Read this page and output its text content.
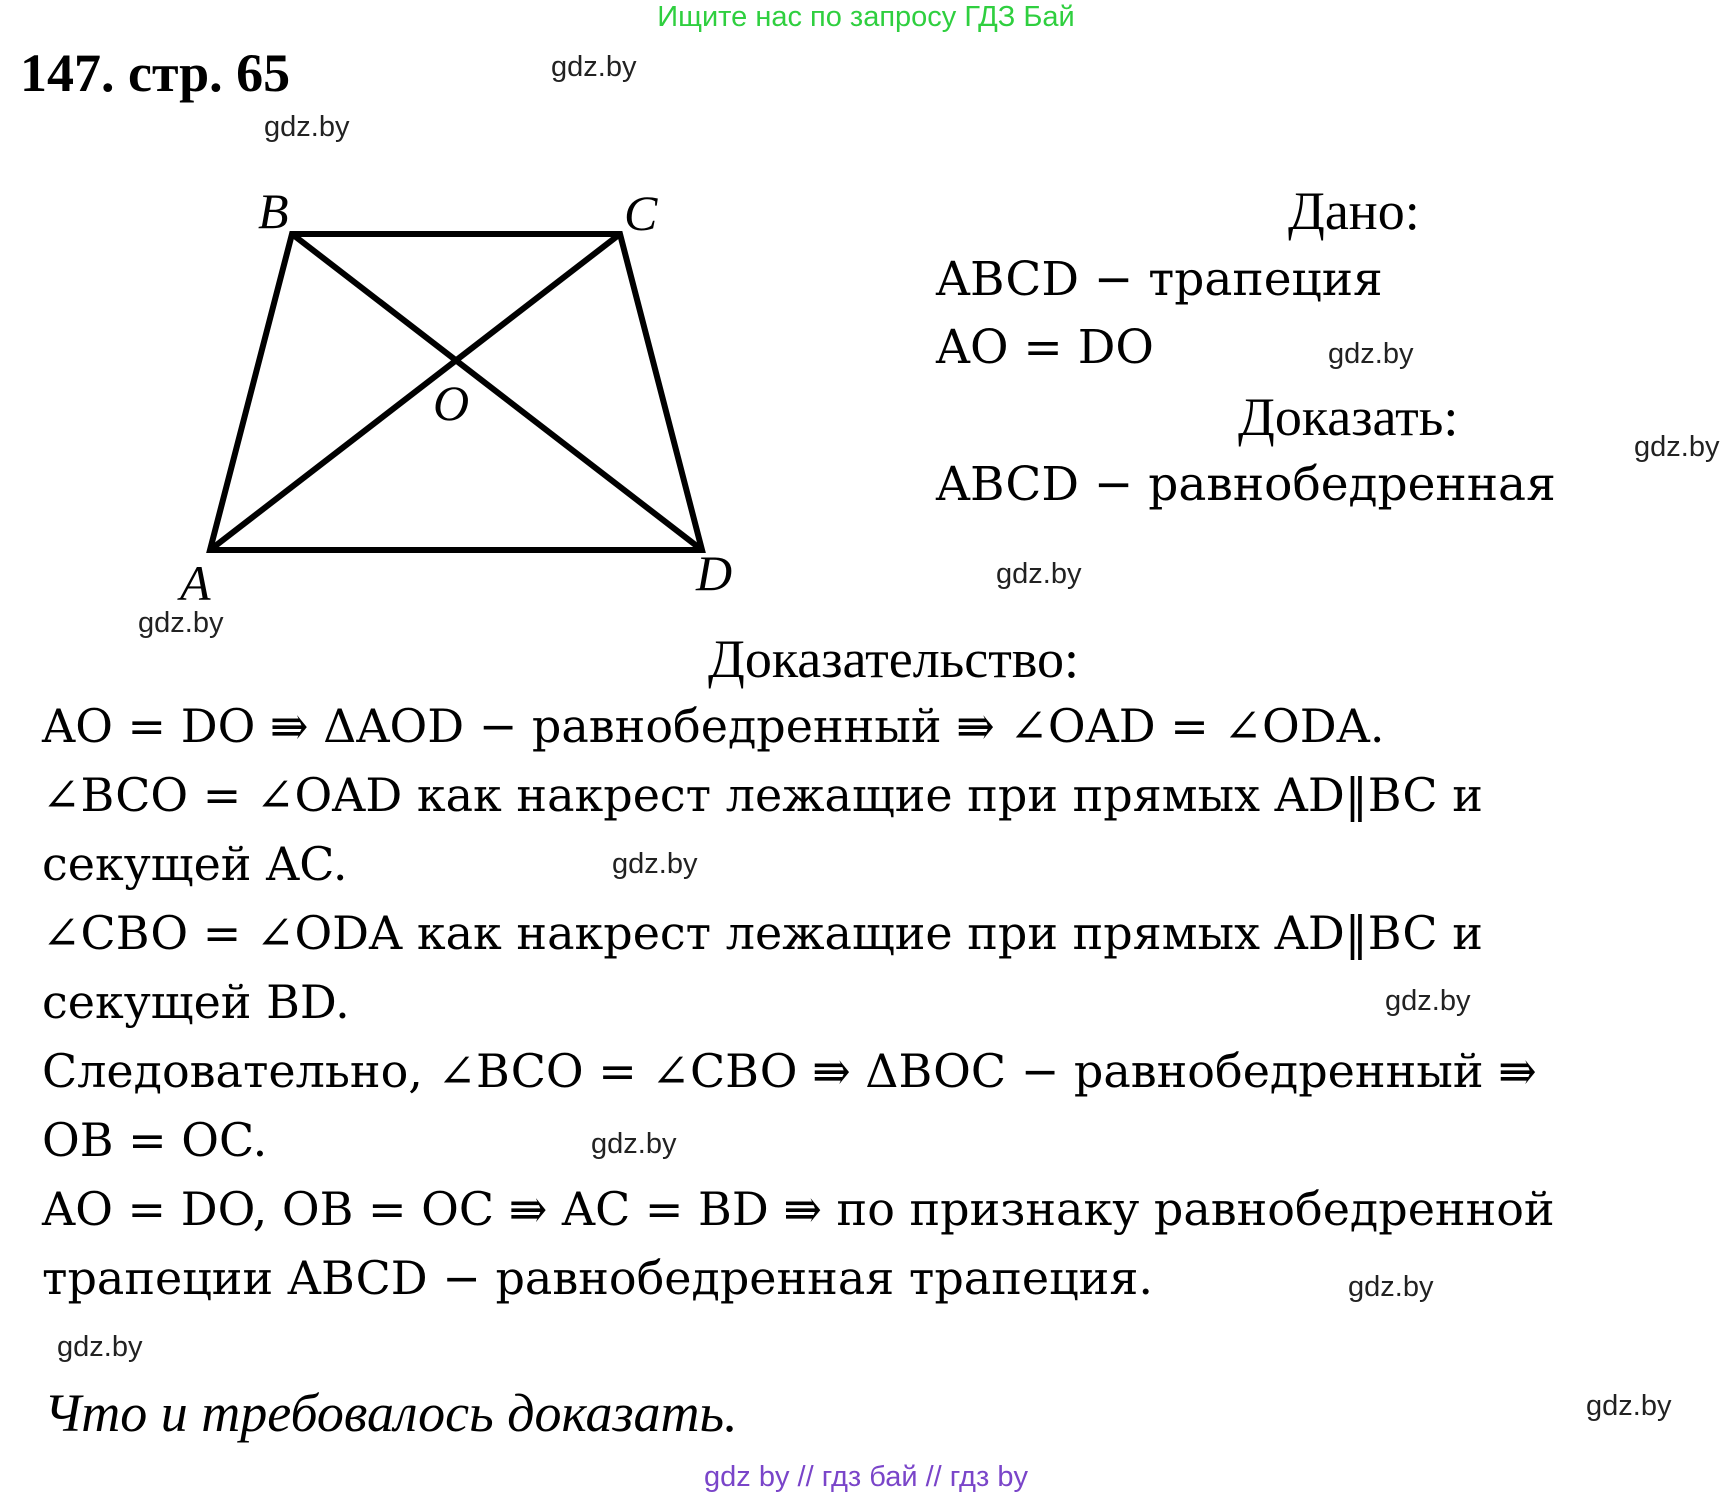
Ищите нас по запросу ГДЗ Бай
147. стр. 65	gdz.by
gdz.by
gdz.by
gdz.by
gdz.by
gdz.by
gdz.by
gdz.by
gdz.by
gdz.by
gdz.by
gdz.by
B	C
O
A	D
Дано:
ABCD − трапеция
AO = DO
Доказать:
ABCD − равнобедренная
Доказательство:
AO = DO ⇛ ΔAOD − равнобедренный ⇛ ∠OAD = ∠ODA.
∠BCO = ∠OAD как накрест лежащие при прямых AD‖BC и
секущей AC.
∠CBO = ∠ODA как накрест лежащие при прямых AD‖BC и
секущей BD.
Следовательно, ∠BCO = ∠CBO ⇛ ΔBOC − равнобедренный ⇛
OB = OC.
AO = DO, OB = OC ⇛ AC = BD ⇛ по признаку равнобедренной
трапеции ABCD − равнобедренная трапеция.
Что и требовалось доказать.
gdz by // гдз бай // гдз by
